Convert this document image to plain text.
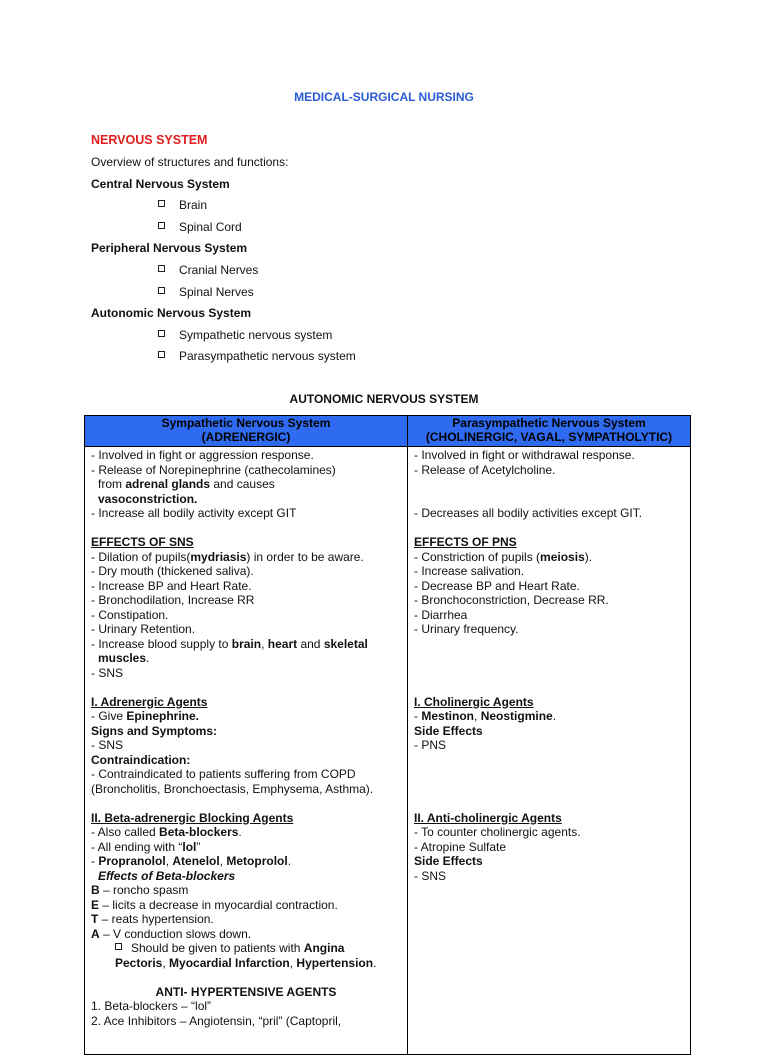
MEDICAL-SURGICAL NURSING
NERVOUS SYSTEM
Overview of structures and functions:
Central Nervous System
Brain
Spinal Cord
Peripheral Nervous System
Cranial Nerves
Spinal Nerves
Autonomic Nervous System
Sympathetic nervous system
Parasympathetic nervous system
AUTONOMIC NERVOUS SYSTEM
Sympathetic Nervous System
(ADRENERGIC)
Parasympathetic Nervous System
(CHOLINERGIC, VAGAL, SYMPATHOLYTIC)
- Involved in fight or aggression response.
- Release of Norepinephrine (cathecolamines)
from adrenal glands and causes
vasoconstriction.
- Increase all bodily activity except GIT
EFFECTS OF SNS
- Dilation of pupils(mydriasis) in order to be aware.
- Dry mouth (thickened saliva).
- Increase BP and Heart Rate.
- Bronchodilation, Increase RR
- Constipation.
- Urinary Retention.
- Increase blood supply to brain, heart and skeletal
muscles.
- SNS
I. Adrenergic Agents
- Give Epinephrine.
Signs and Symptoms:
- SNS
Contraindication:
- Contraindicated to patients suffering from COPD
(Broncholitis, Bronchoectasis, Emphysema, Asthma).
II. Beta-adrenergic Blocking Agents
- Also called Beta-blockers.
- All ending with “lol”
- Propranolol, Atenelol, Metoprolol.
Effects of Beta-blockers
B – roncho spasm
E – licits a decrease in myocardial contraction.
T – reats hypertension.
A – V conduction slows down.
Should be given to patients with Angina
Pectoris, Myocardial Infarction, Hypertension.
ANTI- HYPERTENSIVE AGENTS
1. Beta-blockers – “lol”
2. Ace Inhibitors – Angiotensin, “pril” (Captopril,
- Involved in fight or withdrawal response.
- Release of Acetylcholine.
- Decreases all bodily activities except GIT.
EFFECTS OF PNS
- Constriction of pupils (meiosis).
- Increase salivation.
- Decrease BP and Heart Rate.
- Bronchoconstriction, Decrease RR.
- Diarrhea
- Urinary frequency.
I. Cholinergic Agents
- Mestinon, Neostigmine.
Side Effects
- PNS
II. Anti-cholinergic Agents
- To counter cholinergic agents.
- Atropine Sulfate
Side Effects
- SNS
